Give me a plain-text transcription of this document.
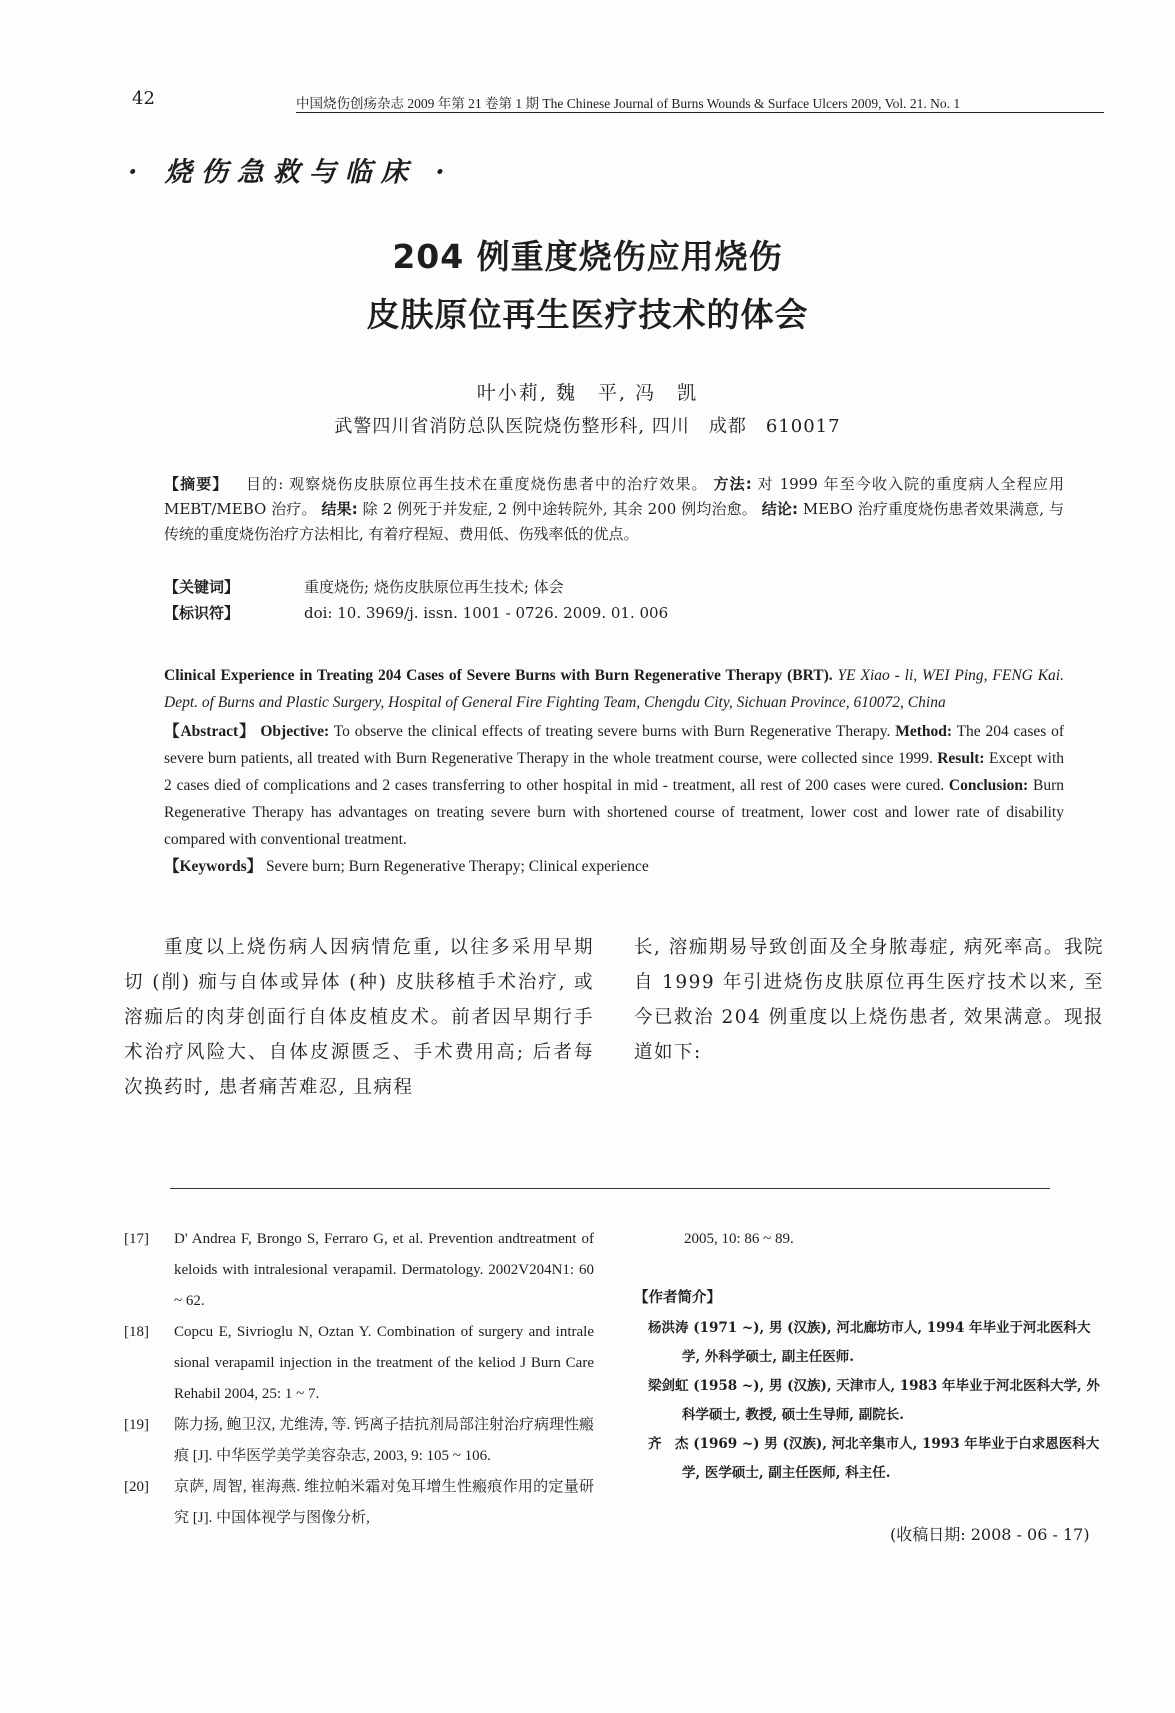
42	中国烧伤创疡杂志 2009 年第 21 卷第 1 期 The Chinese Journal of Burns Wounds & Surface Ulcers 2009, Vol. 21. No. 1
· 烧伤急救与临床 ·
204 例重度烧伤应用烧伤
皮肤原位再生医疗技术的体会
叶小莉, 魏　平, 冯　凯
武警四川省消防总队医院烧伤整形科, 四川　成都　610017
【摘要】 目的: 观察烧伤皮肤原位再生技术在重度烧伤患者中的治疗效果。 方法: 对 1999 年至今收入院的重度病人全程应用 MEBT/MEBO 治疗。 结果: 除 2 例死于并发症, 2 例中途转院外, 其余 200 例均治愈。 结论: MEBO 治疗重度烧伤患者效果满意, 与传统的重度烧伤治疗方法相比, 有着疗程短、费用低、伤残率低的优点。
【关键词】	重度烧伤; 烧伤皮肤原位再生技术; 体会
【标识符】	doi: 10. 3969/j. issn. 1001 - 0726. 2009. 01. 006
Clinical Experience in Treating 204 Cases of Severe Burns with Burn Regenerative Therapy (BRT). YE Xiao - li, WEI Ping, FENG Kai. Dept. of Burns and Plastic Surgery, Hospital of General Fire Fighting Team, Chengdu City, Sichuan Province, 610072, China
【Abstract】 Objective: To observe the clinical effects of treating severe burns with Burn Regenerative Therapy. Method: The 204 cases of severe burn patients, all treated with Burn Regenerative Therapy in the whole treatment course, were collected since 1999. Result: Except with 2 cases died of complications and 2 cases transferring to other hospital in mid - treatment, all rest of 200 cases were cured. Conclusion: Burn Regenerative Therapy has advantages on treating severe burn with shortened course of treatment, lower cost and lower rate of disability compared with conventional treatment.
【Keywords】 Severe burn; Burn Regenerative Therapy; Clinical experience
重度以上烧伤病人因病情危重, 以往多采用早期切 (削) 痂与自体或异体 (种) 皮肤移植手术治疗, 或溶痂后的肉芽创面行自体皮植皮术。前者因早期行手术治疗风险大、自体皮源匮乏、手术费用高; 后者每次换药时, 患者痛苦难忍, 且病程
长, 溶痂期易导致创面及全身脓毒症, 病死率高。我院自 1999 年引进烧伤皮肤原位再生医疗技术以来, 至今已救治 204 例重度以上烧伤患者, 效果满意。现报道如下:
[17]	D' Andrea F, Brongo S, Ferraro G, et al. Prevention andtreatment of keloids with intralesional verapamil. Dermatology. 2002V204N1: 60 ~ 62.
[18]	Copcu E, Sivrioglu N, Oztan Y. Combination of surgery and intrale sional verapamil injection in the treatment of the keliod J Burn Care Rehabil 2004, 25: 1 ~ 7.
[19]	陈力扬, 鲍卫汉, 尤维涛, 等. 钙离子拮抗剂局部注射治疗病理性瘢痕 [J]. 中华医学美学美容杂志, 2003, 9: 105 ~ 106.
[20]	京萨, 周智, 崔海燕. 维拉帕米霜对兔耳增生性瘢痕作用的定量研究 [J]. 中国体视学与图像分析,
2005, 10: 86 ~ 89.
【作者简介】
杨洪涛 (1971 ~), 男 (汉族), 河北廊坊市人, 1994 年毕业于河北医科大学, 外科学硕士, 副主任医师.
梁剑虹 (1958 ~), 男 (汉族), 天津市人, 1983 年毕业于河北医科大学, 外科学硕士, 教授, 硕士生导师, 副院长.
齐　杰 (1969 ~) 男 (汉族), 河北辛集市人, 1993 年毕业于白求恩医科大学, 医学硕士, 副主任医师, 科主任.
(收稿日期: 2008 - 06 - 17)
